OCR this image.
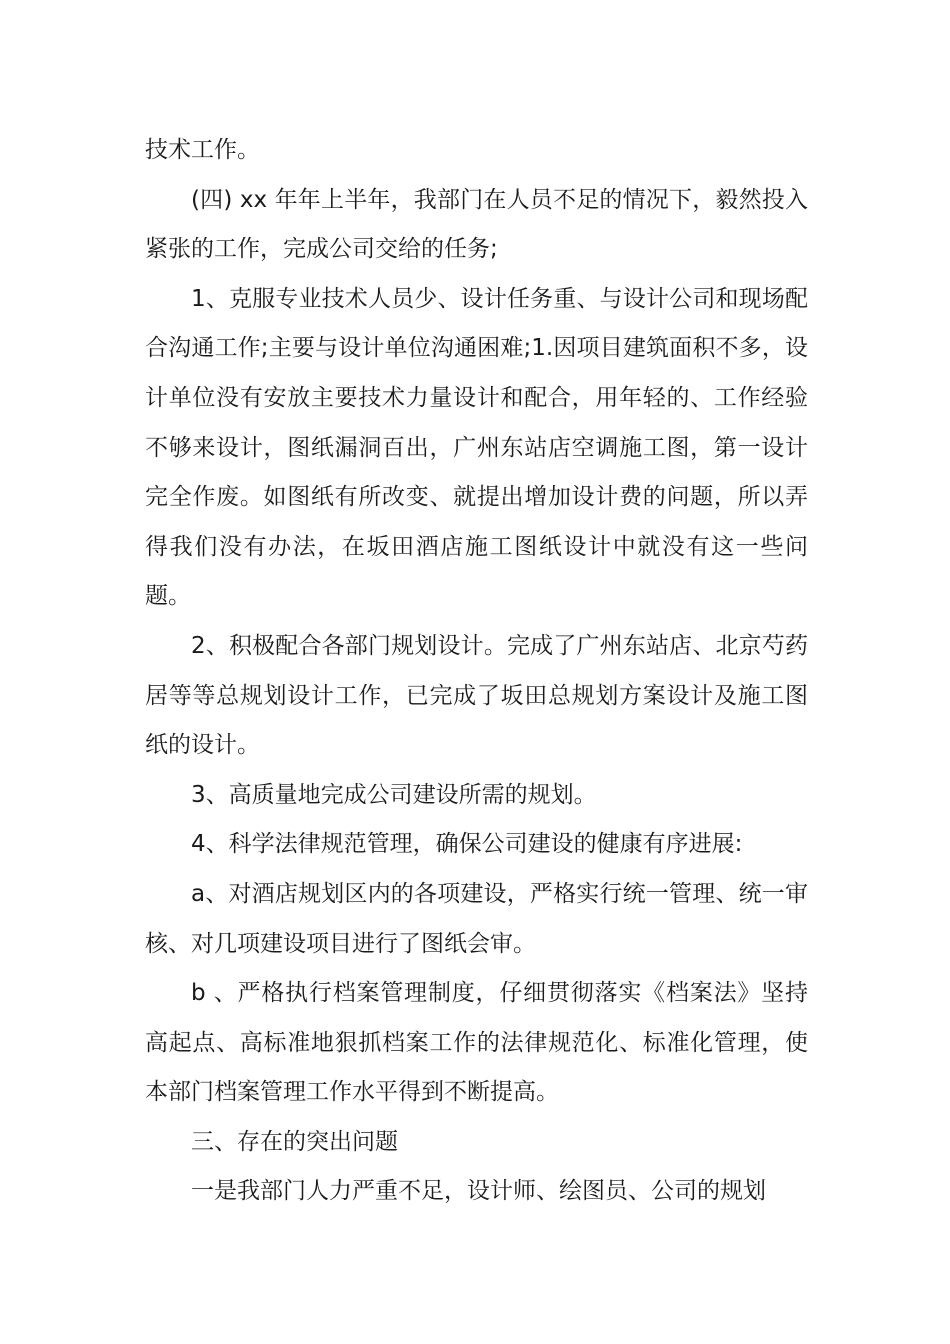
技术工作。

(四) xx 年年上半年，我部门在人员不足的情况下，毅然投入紧张的工作，完成公司交给的任务;

1、克服专业技术人员少、设计任务重、与设计公司和现场配合沟通工作;主要与设计单位沟通困难;1.因项目建筑面积不多，设计单位没有安放主要技术力量设计和配合，用年轻的、工作经验不够来设计，图纸漏洞百出，广州东站店空调施工图，第一设计完全作废。如图纸有所改变、就提出增加设计费的问题，所以弄得我们没有办法，在坂田酒店施工图纸设计中就没有这一些问题。

2、积极配合各部门规划设计。完成了广州东站店、北京芍药居等等总规划设计工作，已完成了坂田总规划方案设计及施工图纸的设计。

3、高质量地完成公司建设所需的规划。

4、科学法律规范管理，确保公司建设的健康有序进展:

a、对酒店规划区内的各项建设，严格实行统一管理、统一审核、对几项建设项目进行了图纸会审。

b 、严格执行档案管理制度，仔细贯彻落实《档案法》坚持高起点、高标准地狠抓档案工作的法律规范化、标准化管理，使本部门档案管理工作水平得到不断提高。

三、存在的突出问题

一是我部门人力严重不足，设计师、绘图员、公司的规划
